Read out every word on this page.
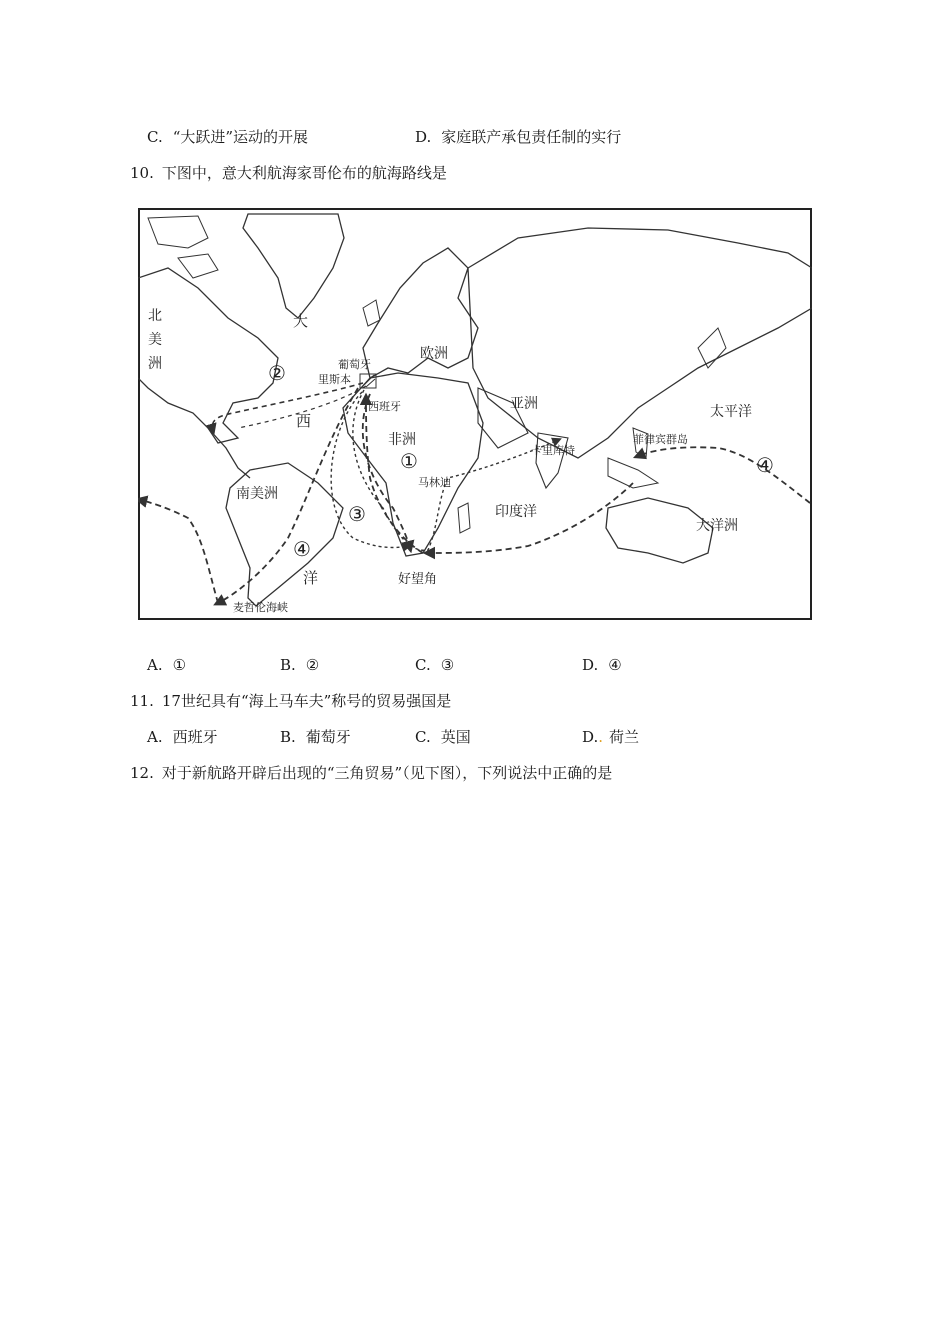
C. “大跃进”运动的开展	D. 家庭联产承包责任制的实行
10. 下图中，意大利航海家哥伦布的航海路线是
北
美
洲
大
西
洋
葡萄牙
里斯本
西班牙
欧洲
亚洲
非洲
南美洲
太平洋
菲律宾群岛
卡里库特
马林迪
印度洋
大洋洲
好望角
麦哲伦海峡
①
②
③
④
④
A. ①	B. ②	C. ③	D. ④
11. 17世纪具有“海上马车夫”称号的贸易强国是
A. 西班牙	B. 葡萄牙	C. 英国	D.. 荷兰
12. 对于新航路开辟后出现的“三角贸易”（见下图），下列说法中正确的是
